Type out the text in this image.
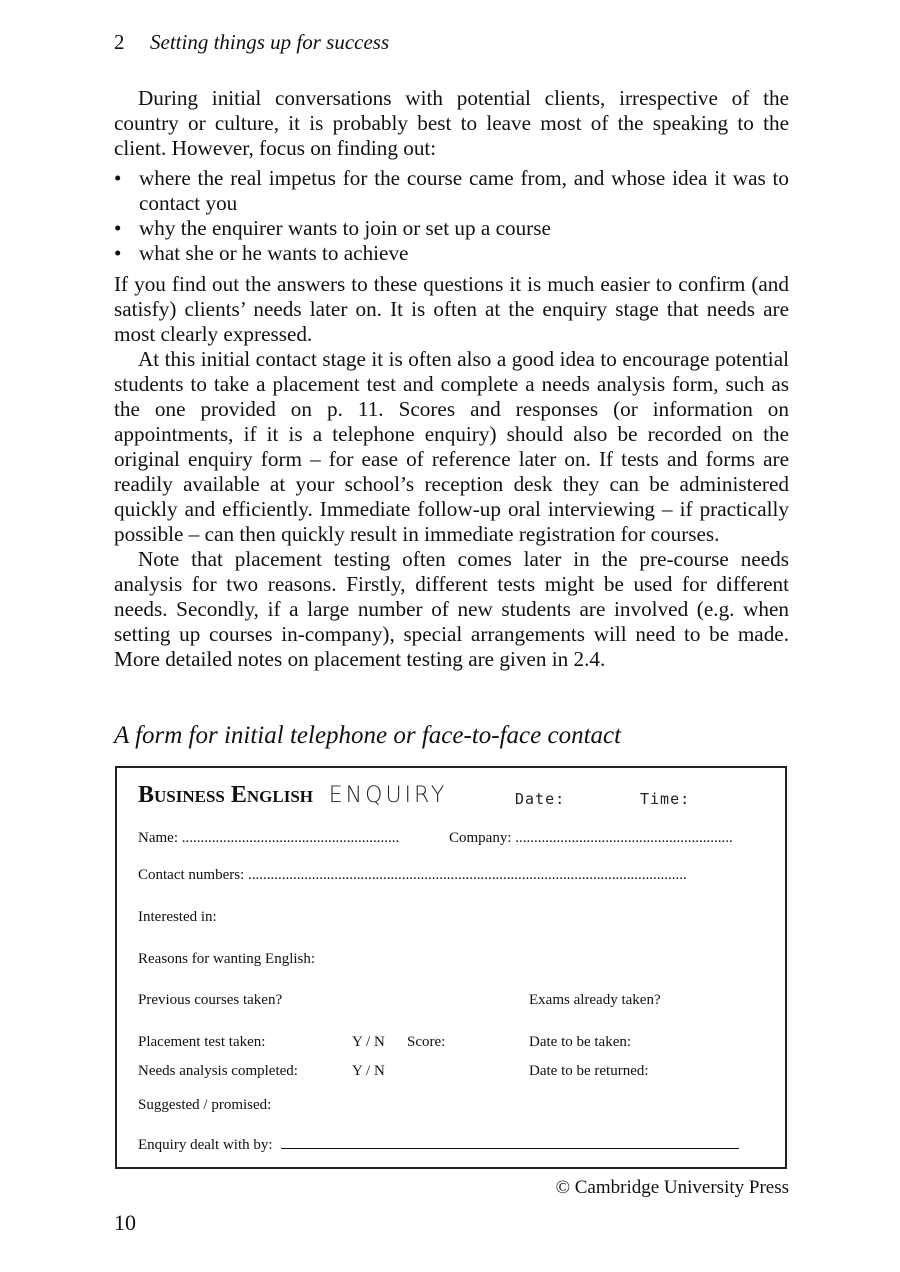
2 Setting things up for success

During initial conversations with potential clients, irrespective of the country or culture, it is probably best to leave most of the speaking to the client. However, focus on finding out:

• where the real impetus for the course came from, and whose idea it was to contact you
• why the enquirer wants to join or set up a course
• what she or he wants to achieve

If you find out the answers to these questions it is much easier to confirm (and satisfy) clients’ needs later on. It is often at the enquiry stage that needs are most clearly expressed.

At this initial contact stage it is often also a good idea to encourage potential students to take a placement test and complete a needs analysis form, such as the one provided on p. 11. Scores and responses (or information on appointments, if it is a telephone enquiry) should also be recorded on the original enquiry form – for ease of reference later on. If tests and forms are readily available at your school’s reception desk they can be administered quickly and efficiently. Immediate follow-up oral interviewing – if practically possible – can then quickly result in immediate registration for courses.

Note that placement testing often comes later in the pre-course needs analysis for two reasons. Firstly, different tests might be used for different needs. Secondly, if a large number of new students are involved (e.g. when setting up courses in-company), special arrangements will need to be made. More detailed notes on placement testing are given in 2.4.

A form for initial telephone or face-to-face contact
Business English ENQUIRY	Date:	Time:
Name: ..........................................................	Company: ..........................................................
Contact numbers: .....................................................................................................................
Interested in:
Reasons for wanting English:
Previous courses taken?	Exams already taken?
Placement test taken:	Y / N Score:	Date to be taken:
Needs analysis completed:	Y / N	Date to be returned:
Suggested / promised:
Enquiry dealt with by:
© Cambridge University Press
10
